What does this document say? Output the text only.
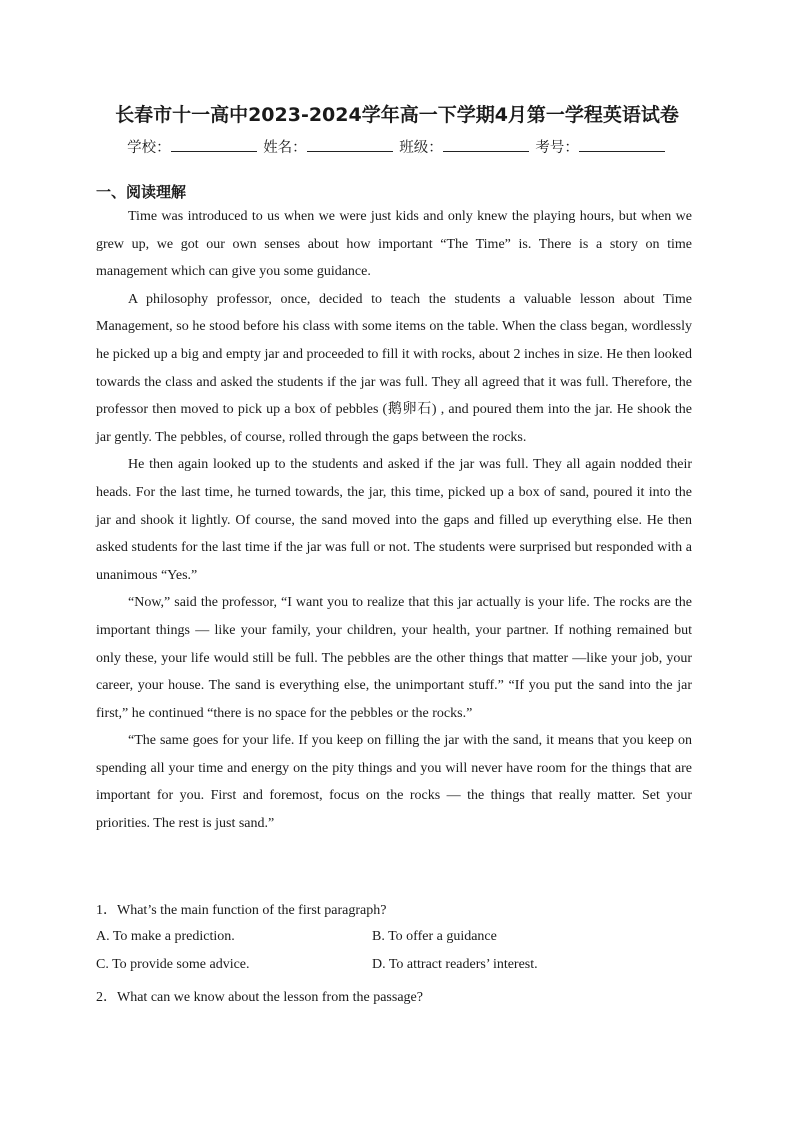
长春市十一高中2023-2024学年高一下学期4月第一学程英语试卷
学校：	姓名：	班级：	考号：
一、阅读理解

Time was introduced to us when we were just kids and only knew the playing hours, but when we grew up, we got our own senses about how important “The Time” is. There is a story on time management which can give you some guidance.

A philosophy professor, once, decided to teach the students a valuable lesson about Time Management, so he stood before his class with some items on the table. When the class began, wordlessly he picked up a big and empty jar and proceeded to fill it with rocks, about 2 inches in size. He then looked towards the class and asked the students if the jar was full. They all agreed that it was full. Therefore, the professor then moved to pick up a box of pebbles (鹅卵石) , and poured them into the jar. He shook the jar gently. The pebbles, of course, rolled through the gaps between the rocks.

He then again looked up to the students and asked if the jar was full. They all again nodded their heads. For the last time, he turned towards, the jar, this time, picked up a box of sand, poured it into the jar and shook it lightly. Of course, the sand moved into the gaps and filled up everything else. He then asked students for the last time if the jar was full or not. The students were surprised but responded with a unanimous “Yes.”

“Now,” said the professor, “I want you to realize that this jar actually is your life. The rocks are the important things — like your family, your children, your health, your partner. If nothing remained but only these, your life would still be full. The pebbles are the other things that matter —like your job, your career, your house. The sand is everything else, the unimportant stuff.” “If you put the sand into the jar first,” he continued “there is no space for the pebbles or the rocks.”

“The same goes for your life. If you keep on filling the jar with the sand, it means that you keep on spending all your time and energy on the pity things and you will never have room for the things that are important for you. First and foremost, focus on the rocks — the things that really matter. Set your priorities. The rest is just sand.”

1．What’s the main function of the first paragraph?
A. To make a prediction.	B. To offer a guidance
C. To provide some advice.	D. To attract readers’ interest.
2．What can we know about the lesson from the passage?
